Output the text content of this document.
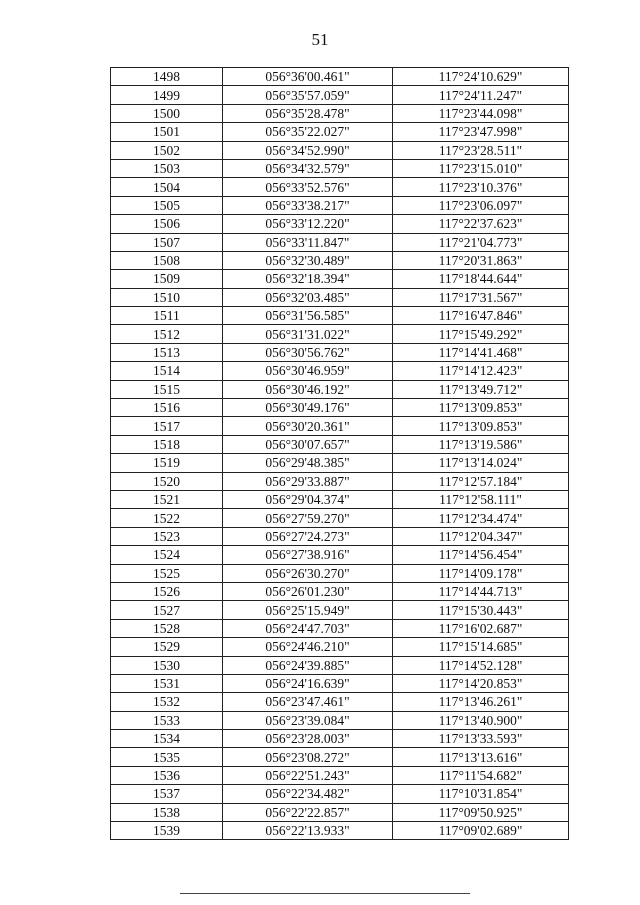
51
1498	056°36'00.461"	117°24'10.629"
1499	056°35'57.059"	117°24'11.247"
1500	056°35'28.478"	117°23'44.098"
1501	056°35'22.027"	117°23'47.998"
1502	056°34'52.990"	117°23'28.511"
1503	056°34'32.579"	117°23'15.010"
1504	056°33'52.576"	117°23'10.376"
1505	056°33'38.217"	117°23'06.097"
1506	056°33'12.220"	117°22'37.623"
1507	056°33'11.847"	117°21'04.773"
1508	056°32'30.489"	117°20'31.863"
1509	056°32'18.394"	117°18'44.644"
1510	056°32'03.485"	117°17'31.567"
1511	056°31'56.585"	117°16'47.846"
1512	056°31'31.022"	117°15'49.292"
1513	056°30'56.762"	117°14'41.468"
1514	056°30'46.959"	117°14'12.423"
1515	056°30'46.192"	117°13'49.712"
1516	056°30'49.176"	117°13'09.853"
1517	056°30'20.361"	117°13'09.853"
1518	056°30'07.657"	117°13'19.586"
1519	056°29'48.385"	117°13'14.024"
1520	056°29'33.887"	117°12'57.184"
1521	056°29'04.374"	117°12'58.111"
1522	056°27'59.270"	117°12'34.474"
1523	056°27'24.273"	117°12'04.347"
1524	056°27'38.916"	117°14'56.454"
1525	056°26'30.270"	117°14'09.178"
1526	056°26'01.230"	117°14'44.713"
1527	056°25'15.949"	117°15'30.443"
1528	056°24'47.703"	117°16'02.687"
1529	056°24'46.210"	117°15'14.685"
1530	056°24'39.885"	117°14'52.128"
1531	056°24'16.639"	117°14'20.853"
1532	056°23'47.461"	117°13'46.261"
1533	056°23'39.084"	117°13'40.900"
1534	056°23'28.003"	117°13'33.593"
1535	056°23'08.272"	117°13'13.616"
1536	056°22'51.243"	117°11'54.682"
1537	056°22'34.482"	117°10'31.854"
1538	056°22'22.857"	117°09'50.925"
1539	056°22'13.933"	117°09'02.689"
